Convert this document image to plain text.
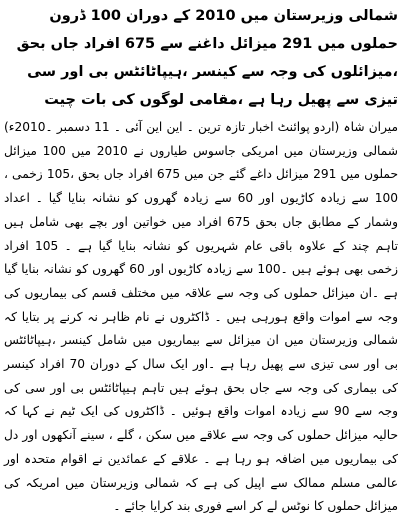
شمالی وزیرستان میں 2010 کے دوران 100 ڈرون حملوں میں 291 میزائل داغنے سے 675 افراد جاں بحق ،میزائلوں کی وجہ سے کینسر ،ہیپاٹائٹس بی اور سی تیزی سے پھیل رہا ہے ،مقامی لوگوں کی بات چیت

میران شاہ (اردو پوائنٹ اخبار تازہ ترین ۔ این این آئی ۔ 11 دسمبر ۔2010ء) شمالی وزیرستان میں امریکی جاسوس طیاروں نے 2010 میں 100 میزائل حملوں میں 291 میزائل داغے گئے جن میں 675 افراد جاں بحق ،105 زخمی ، 100 سے زیادہ کاڑیوں اور 60 سے زیادہ گھروں کو نشانہ بنایا گیا ۔ اعداد وشمار کے مطابق جاں بحق 675 افراد میں خواتین اور بچے بھی شامل ہیں تاہم چند کے علاوہ باقی عام شہریوں کو نشانہ بنایا گیا ہے ۔ 105 افراد زخمی بھی ہوئے ہیں ۔100 سے زیادہ کاڑیوں اور 60 گھروں کو نشانہ بنایا گیا ہے ۔ان میزائل حملوں کی وجہ سے علاقہ میں مختلف قسم کی بیماریوں کی وجہ سے اموات واقع ہورہی ہیں ۔ ڈاکٹروں نے نام ظاہر نہ کرنے پر بتایا کہ شمالی وزیرستان میں ان میزائل سے بیماریوں میں شامل کینسر ،ہیپاٹائٹس بی اور سی تیزی سے پھیل رہا ہے ۔اور ایک سال کے دوران 70 افراد کینسر کی بیماری کی وجہ سے جاں بحق ہوئے ہیں تاہم ہیپاٹائٹس بی اور سی کی وجہ سے 90 سے زیادہ اموات واقع ہوئیں ۔ ڈاکٹروں کی ایک ٹیم نے کہا کہ حالیہ میزائل حملوں کی وجہ سے علاقے میں سکن ، گلے ، سینے آنکھوں اور دل کی بیماریوں میں اضافہ ہو رہا ہے ۔ علاقے کے عمائدین نے اقوام متحدہ اور عالمی مسلم ممالک سے اپیل کی ہے کہ شمالی وزیرستان میں امریکہ کی میزائل حملوں کا نوٹس لے کر اسے فوری بند کرایا جائے ۔
